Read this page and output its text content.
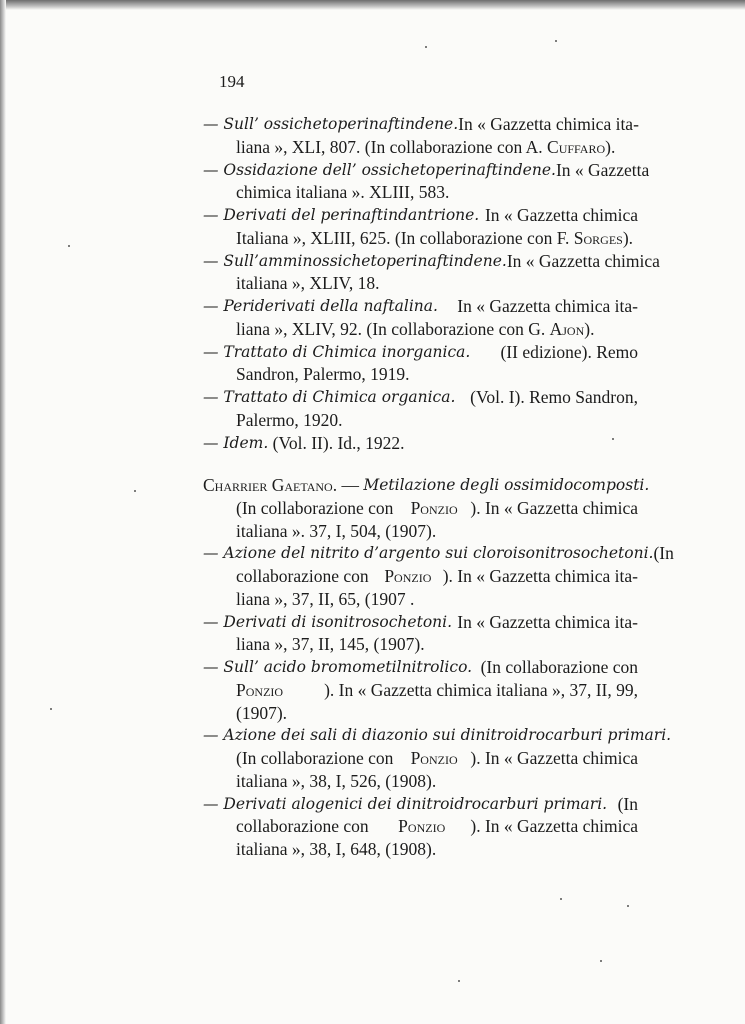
194
— Sull’ ossichetoperinaftindene. In « Gazzetta chimica ita-
liana », XLI, 807. (In collaborazione con A. Cuffaro ).
— Ossidazione dell’ ossichetoperinaftindene. In « Gazzetta
chimica italiana ». XLIII, 583.
— Derivati del perinaftindantrione. In « Gazzetta chimica
Italiana », XLIII, 625. (In collaborazione con F. Sorges ).
— Sull’amminossichetoperinaftindene. In « Gazzetta chimica
italiana », XLIV, 18.
— Periderivati della naftalina. In « Gazzetta chimica ita-
liana », XLIV, 92. (In collaborazione con G. Ajon ).
— Trattato di Chimica inorganica. (II edizione). Remo
Sandron, Palermo, 1919.
— Trattato di Chimica organica. (Vol. I). Remo Sandron,
Palermo, 1920.
— Idem. (Vol. II). Id., 1922.
Charrier Gaetano. — Metilazione degli ossimidocomposti.
(In collaborazione con Ponzio ). In « Gazzetta chimica
italiana ». 37, I, 504, (1907).
— Azione del nitrito d’argento sui cloroisonitrosochetoni. (In
collaborazione con Ponzio ). In « Gazzetta chimica ita-
liana », 37, II, 65, (1907 .
— Derivati di isonitrosochetoni. In « Gazzetta chimica ita-
liana », 37, II, 145, (1907).
— Sull’ acido bromometilnitrolico. (In collaborazione con
Ponzio ). In « Gazzetta chimica italiana », 37, II, 99,
(1907).
— Azione dei sali di diazonio sui dinitroidrocarburi primari.
(In collaborazione con Ponzio ). In « Gazzetta chimica
italiana », 38, I, 526, (1908).
— Derivati alogenici dei dinitroidrocarburi primari. (In
collaborazione con Ponzio ). In « Gazzetta chimica
italiana », 38, I, 648, (1908).
